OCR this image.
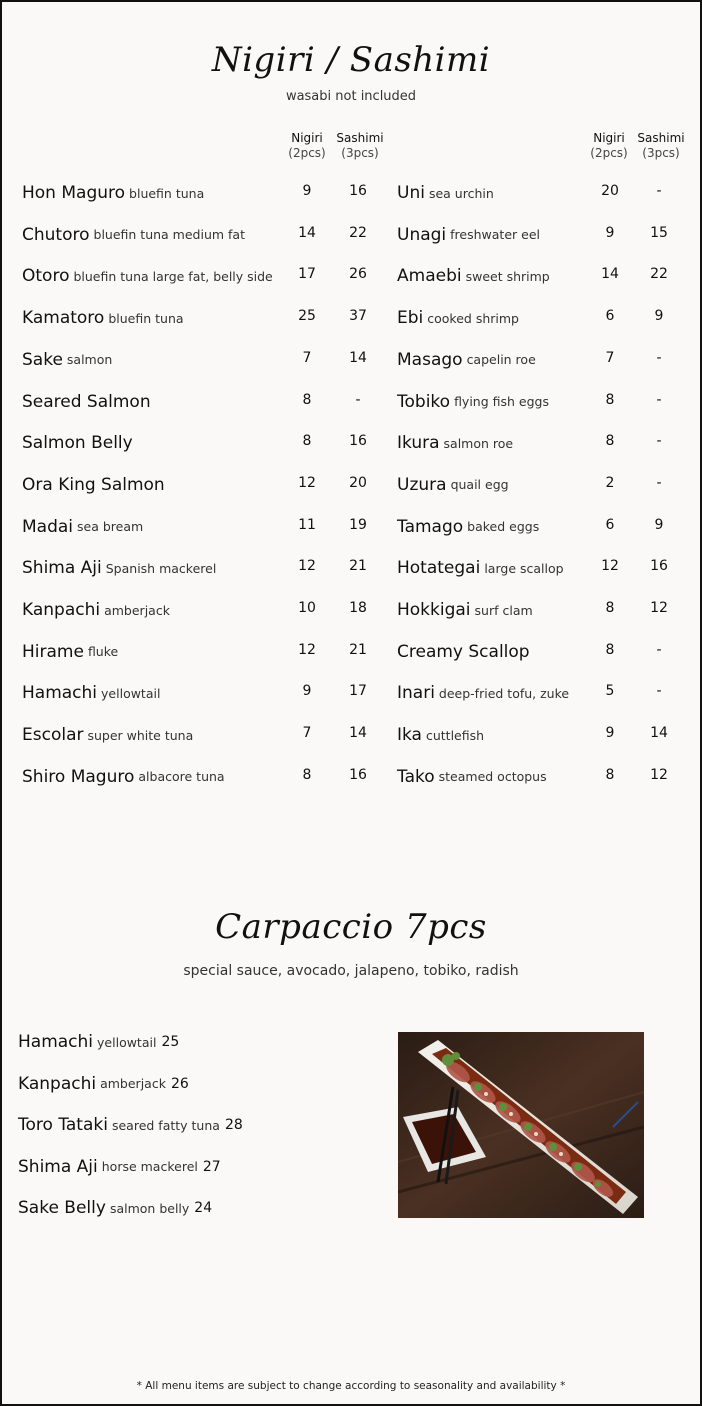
Nigiri / Sashimi
wasabi not included
Nigiri
(2pcs)
Sashimi
(3pcs)
Nigiri
(2pcs)
Sashimi
(3pcs)
Hon Maguro bluefin tuna	9	16
Chutoro bluefin tuna medium fat	14	22
Otoro bluefin tuna large fat, belly side	17	26
Kamatoro bluefin tuna	25	37
Sake salmon	7	14
Seared Salmon	8	-
Salmon Belly	8	16
Ora King Salmon	12	20
Madai sea bream	11	19
Shima Aji Spanish mackerel	12	21
Kanpachi amberjack	10	18
Hirame fluke	12	21
Hamachi yellowtail	9	17
Escolar super white tuna	7	14
Shiro Maguro albacore tuna	8	16
Uni sea urchin	20	-
Unagi freshwater eel	9	15
Amaebi sweet shrimp	14	22
Ebi cooked shrimp	6	9
Masago capelin roe	7	-
Tobiko flying fish eggs	8	-
Ikura salmon roe	8	-
Uzura quail egg	2	-
Tamago baked eggs	6	9
Hotategai large scallop	12	16
Hokkigai surf clam	8	12
Creamy Scallop	8	-
Inari deep-fried tofu, zuke	5	-
Ika cuttlefish	9	14
Tako steamed octopus	8	12
Carpaccio 7pcs
special sauce, avocado, jalapeno, tobiko, radish
Hamachi yellowtail 25
Kanpachi amberjack 26
Toro Tataki seared fatty tuna 28
Shima Aji horse mackerel 27
Sake Belly salmon belly 24
* All menu items are subject to change according to seasonality and availability *
